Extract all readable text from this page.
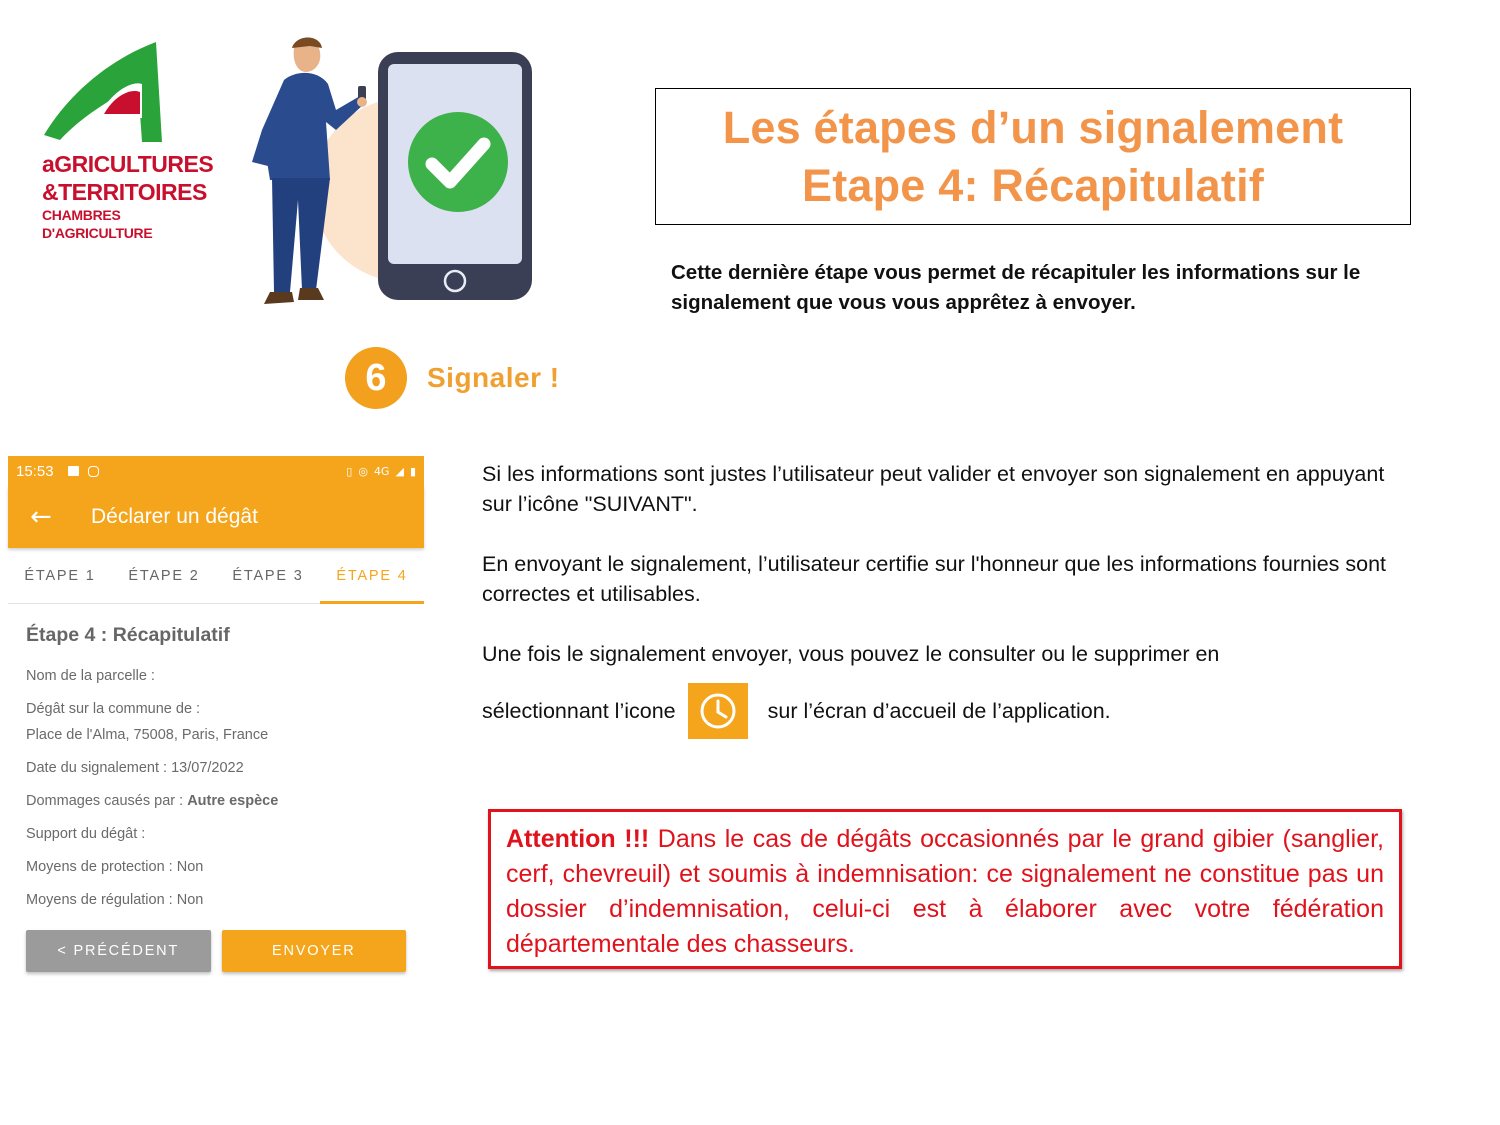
aGRICULTURES
&TERRITOIRES
CHAMBRES D'AGRICULTURE
6	Signaler !
Les étapes d’un signalement
Etape 4: Récapitulatif
Cette dernière étape vous permet de récapituler les informations sur le signalement que vous vous apprêtez à envoyer.
15:53	▯ ◎ 4G ◢ ▮
←	Déclarer un dégât
ÉTAPE 1	ÉTAPE 2	ÉTAPE 3	ÉTAPE 4
Étape 4 : Récapitulatif
Nom de la parcelle :
Dégât sur la commune de :
Place de l'Alma, 75008, Paris, France
Date du signalement : 13/07/2022
Dommages causés par : Autre espèce
Support du dégât :
Moyens de protection : Non
Moyens de régulation : Non
< PRÉCÉDENT	ENVOYER
Si les informations sont justes l’utilisateur peut valider et envoyer son signalement en appuyant sur l’icône "SUIVANT".
En envoyant le signalement, l’utilisateur certifie sur l'honneur que les informations fournies sont correctes et utilisables.
Une fois le signalement envoyer, vous pouvez le consulter ou le supprimer en
sélectionnant l’icone	sur l’écran d’accueil de l’application.

Attention !!! Dans le cas de dégâts occasionnés par le grand gibier (sanglier, cerf, chevreuil) et soumis à indemnisation: ce signalement ne constitue pas un dossier d’indemnisation, celui-ci est à élaborer avec votre fédération départementale des chasseurs.
